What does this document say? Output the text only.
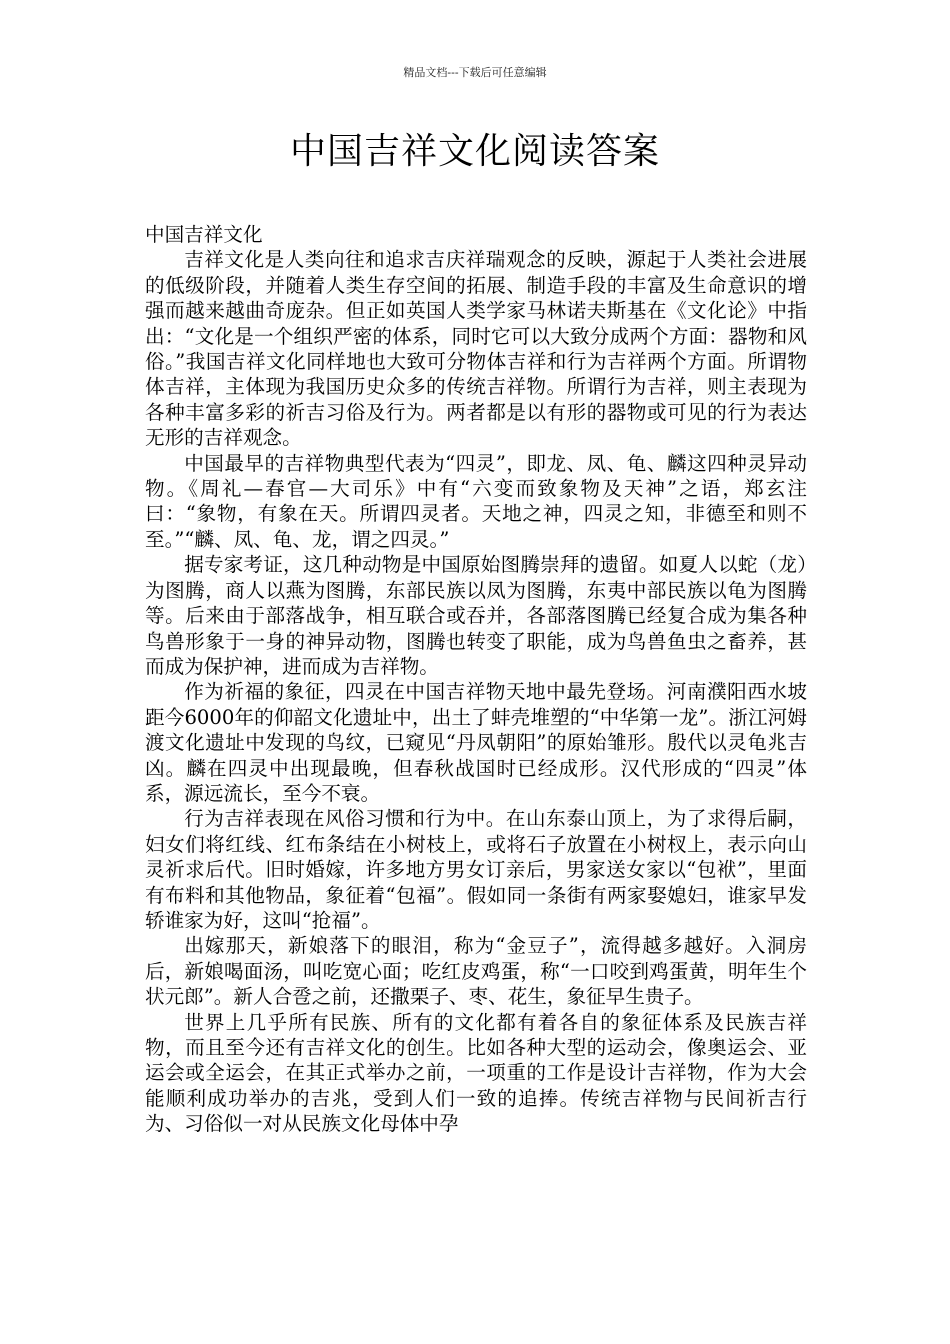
精品文档---下载后可任意编辑
中国吉祥文化阅读答案

中国吉祥文化

吉祥文化是人类向往和追求吉庆祥瑞观念的反映，源起于人类社会进展的低级阶段，并随着人类生存空间的拓展、制造手段的丰富及生命意识的增强而越来越曲奇庞杂。但正如英国人类学家马林诺夫斯基在《文化论》中指出：“文化是一个组织严密的体系，同时它可以大致分成两个方面：器物和风俗。”我国吉祥文化同样地也大致可分物体吉祥和行为吉祥两个方面。所谓物体吉祥，主体现为我国历史众多的传统吉祥物。所谓行为吉祥，则主表现为各种丰富多彩的祈吉习俗及行为。两者都是以有形的器物或可见的行为表达无形的吉祥观念。

中国最早的吉祥物典型代表为“四灵”，即龙、凤、龟、麟这四种灵异动物。《周礼—春官—大司乐》中有“六变而致象物及天神”之语，郑玄注曰：“象物，有象在天。所谓四灵者。天地之神，四灵之知，非德至和则不至。”“麟、凤、龟、龙，谓之四灵。”

据专家考证，这几种动物是中国原始图腾崇拜的遗留。如夏人以蛇（龙）为图腾，商人以燕为图腾，东部民族以凤为图腾，东夷中部民族以龟为图腾等。后来由于部落战争，相互联合或吞并，各部落图腾已经复合成为集各种鸟兽形象于一身的神异动物，图腾也转变了职能，成为鸟兽鱼虫之畜养，甚而成为保护神，进而成为吉祥物。

作为祈福的象征，四灵在中国吉祥物天地中最先登场。河南濮阳西水坡距今6000年的仰韶文化遗址中，出土了蚌壳堆塑的“中华第一龙”。浙江河姆渡文化遗址中发现的鸟纹，已窥见“丹凤朝阳”的原始雏形。殷代以灵龟兆吉凶。麟在四灵中出现最晚，但春秋战国时已经成形。汉代形成的“四灵”体系，源远流长，至今不衰。

行为吉祥表现在风俗习惯和行为中。在山东泰山顶上，为了求得后嗣，妇女们将红线、红布条结在小树枝上，或将石子放置在小树杈上，表示向山灵祈求后代。旧时婚嫁，许多地方男女订亲后，男家送女家以“包袱”，里面有布料和其他物品，象征着“包福”。假如同一条街有两家娶媳妇，谁家早发轿谁家为好，这叫“抢福”。

出嫁那天，新娘落下的眼泪，称为“金豆子”，流得越多越好。入洞房后，新娘喝面汤，叫吃宽心面；吃红皮鸡蛋，称“一口咬到鸡蛋黄，明年生个状元郎”。新人合卺之前，还撒栗子、枣、花生，象征早生贵子。

世界上几乎所有民族、所有的文化都有着各自的象征体系及民族吉祥物，而且至今还有吉祥文化的创生。比如各种大型的运动会，像奥运会、亚运会或全运会，在其正式举办之前，一项重的工作是设计吉祥物，作为大会能顺利成功举办的吉兆，受到人们一致的追捧。传统吉祥物与民间祈吉行为、习俗似一对从民族文化母体中孕
